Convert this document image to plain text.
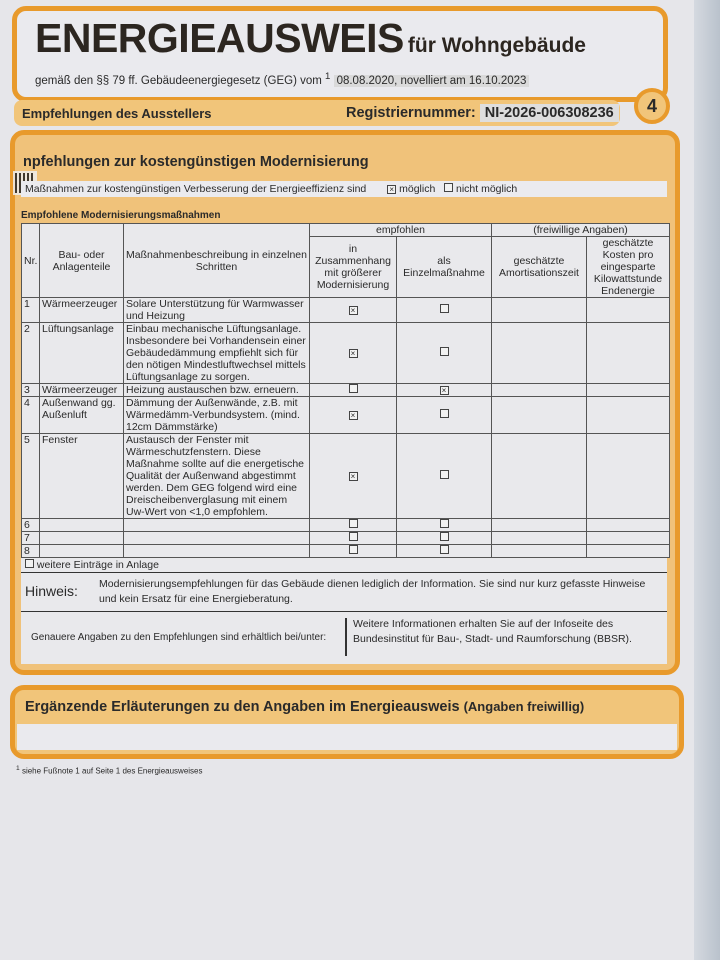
ENERGIEAUSWEIS für Wohngebäude
gemäß den §§ 79 ff. Gebäudeenergiegesetz (GEG) vom $^1$ 08.08.2020, novelliert am 16.10.2023
Empfehlungen des Ausstellers	Registriernummer: NI-2026-006308236	4
npfehlungen zur kostengünstigen Modernisierung
Maßnahmen zur kostengünstigen Verbesserung der Energieeffizienz sind	× möglich nicht möglich
Empfohlene Modernisierungsmaßnahmen
Nr.	Bau- oder Anlagenteile	Maßnahmenbeschreibung in einzelnen Schritten	empfohlen		(freiwillige Angaben)	
			in Zusammenhang mit größerer Modernisierung	als Einzelmaßnahme	geschätzte Amortisationszeit	geschätzte Kosten pro eingesparte Kilowattstunde Endenergie
1	Wärmeerzeuger	Solare Unterstützung für Warmwasser und Heizung	×			
2	Lüftungsanlage	Einbau mechanische Lüftungsanlage. Insbesondere bei Vorhandensein einer Gebäudedämmung empfiehlt sich für den nötigen Mindestluftwechsel mittels Lüftungsanlage zu sorgen.	×			
3	Wärmeerzeuger	Heizung austauschen bzw. erneuern.		×		
4	Außenwand gg. Außenluft	Dämmung der Außenwände, z.B. mit Wärmedämm-Verbundsystem. (mind. 12cm Dämmstärke)	×			
5	Fenster	Austausch der Fenster mit Wärmeschutzfenstern. Diese Maßnahme sollte auf die energetische Qualität der Außenwand abgestimmt werden. Dem GEG folgend wird eine Dreischeibenverglasung mit einem Uw-Wert von <1,0 empfohlem.	×			
6						
7						
8						
weitere Einträge in Anlage
Hinweis: Modernisierungsempfehlungen für das Gebäude dienen lediglich der Information. Sie sind nur kurz gefasste Hinweise und kein Ersatz für eine Energieberatung.
Genauere Angaben zu den Empfehlungen sind erhältlich bei/unter:
Weitere Informationen erhalten Sie auf der Infoseite des Bundesinstitut für Bau-, Stadt- und Raumforschung (BBSR).
Ergänzende Erläuterungen zu den Angaben im Energieausweis (Angaben freiwillig)
$^1$ siehe Fußnote 1 auf Seite 1 des Energieausweises
